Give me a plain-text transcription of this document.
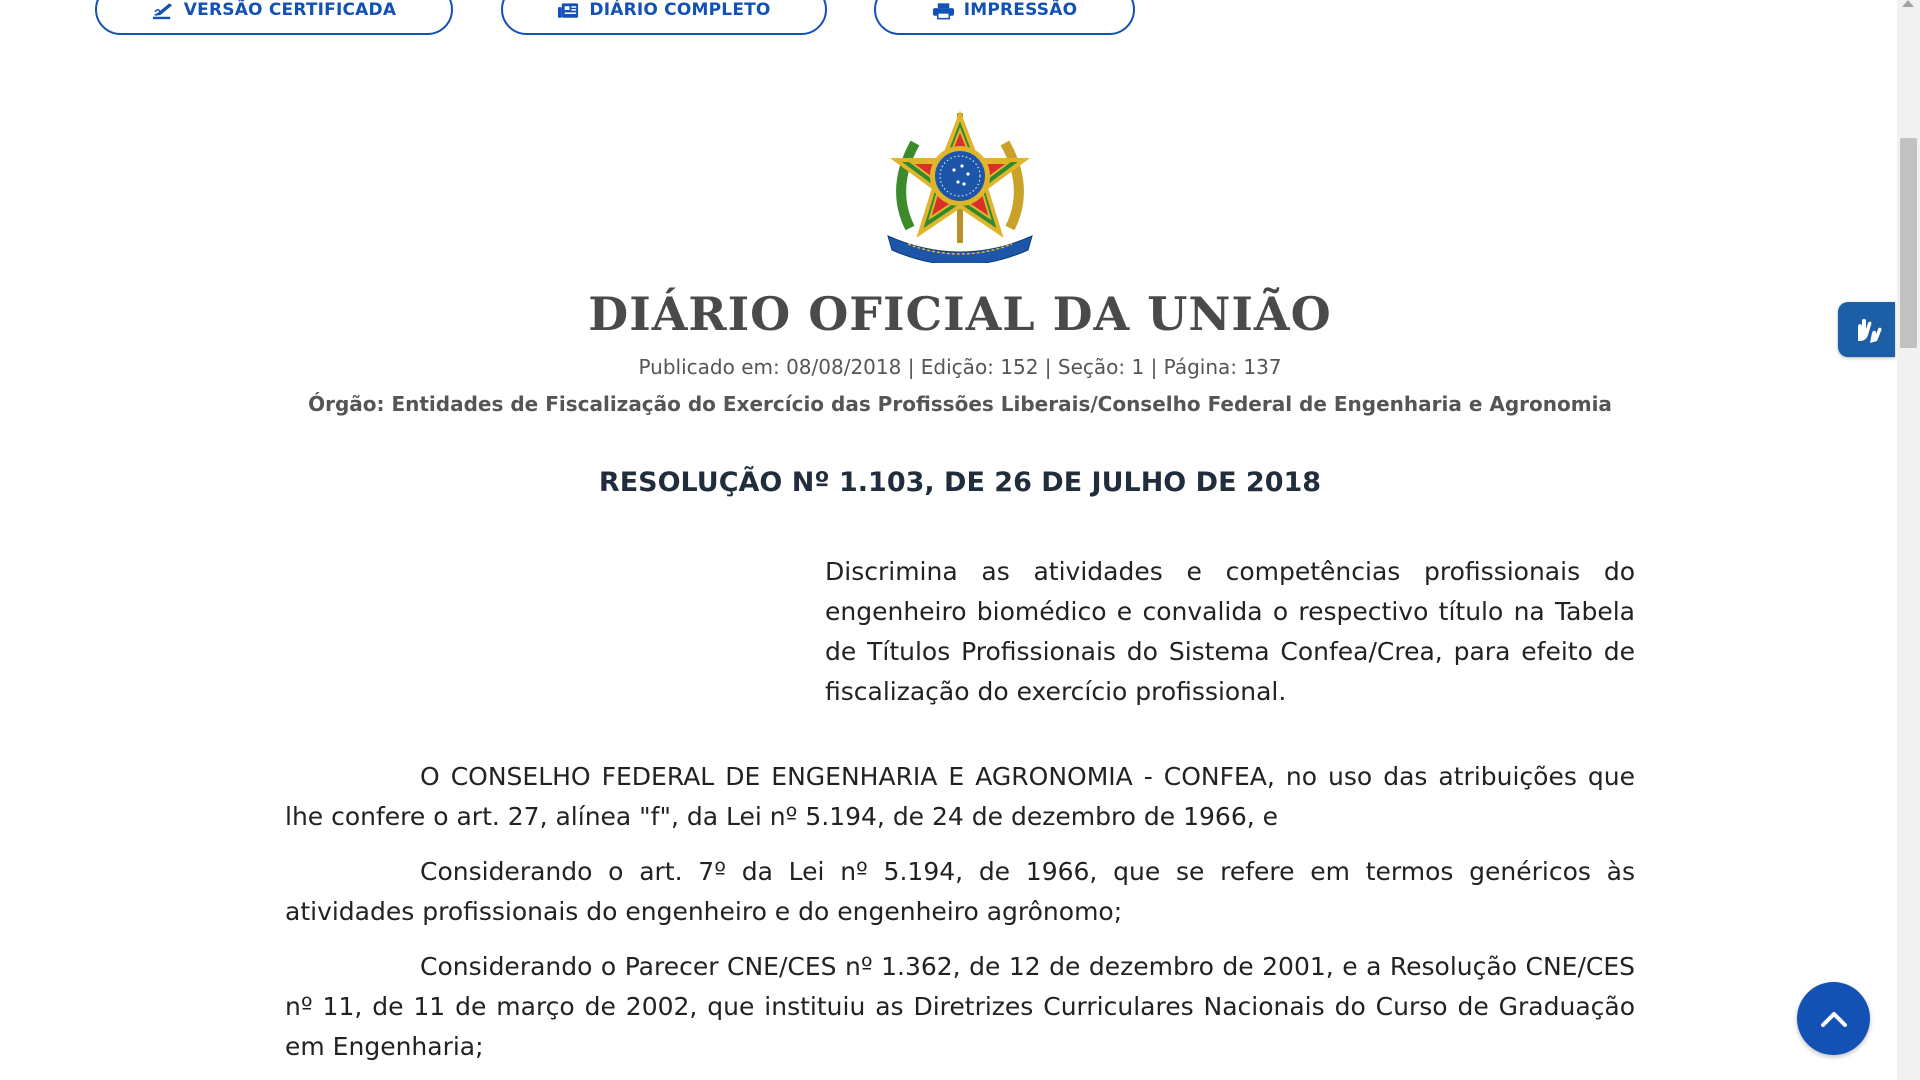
VERSÃO CERTIFICADA	DIÁRIO COMPLETO	IMPRESSÃO
DIÁRIO OFICIAL DA UNIÃO
Publicado em: 08/08/2018 | Edição: 152 | Seção: 1 | Página: 137
Órgão: Entidades de Fiscalização do Exercício das Profissões Liberais/Conselho Federal de Engenharia e Agronomia
RESOLUÇÃO Nº 1.103, DE 26 DE JULHO DE 2018
Discrimina as atividades e competências profissionais do engenheiro biomédico e convalida o respectivo título na Tabela de Títulos Profissionais do Sistema Confea/Crea, para efeito de fiscalização do exercício profissional.

O CONSELHO FEDERAL DE ENGENHARIA E AGRONOMIA - CONFEA, no uso das atribuições que lhe confere o art. 27, alínea "f", da Lei nº 5.194, de 24 de dezembro de 1966, e

Considerando o art. 7º da Lei nº 5.194, de 1966, que se refere em termos genéricos às atividades profissionais do engenheiro e do engenheiro agrônomo;

Considerando o Parecer CNE/CES nº 1.362, de 12 de dezembro de 2001, e a Resolução CNE/CES nº 11, de 11 de março de 2002, que instituiu as Diretrizes Curriculares Nacionais do Curso de Graduação em Engenharia;
